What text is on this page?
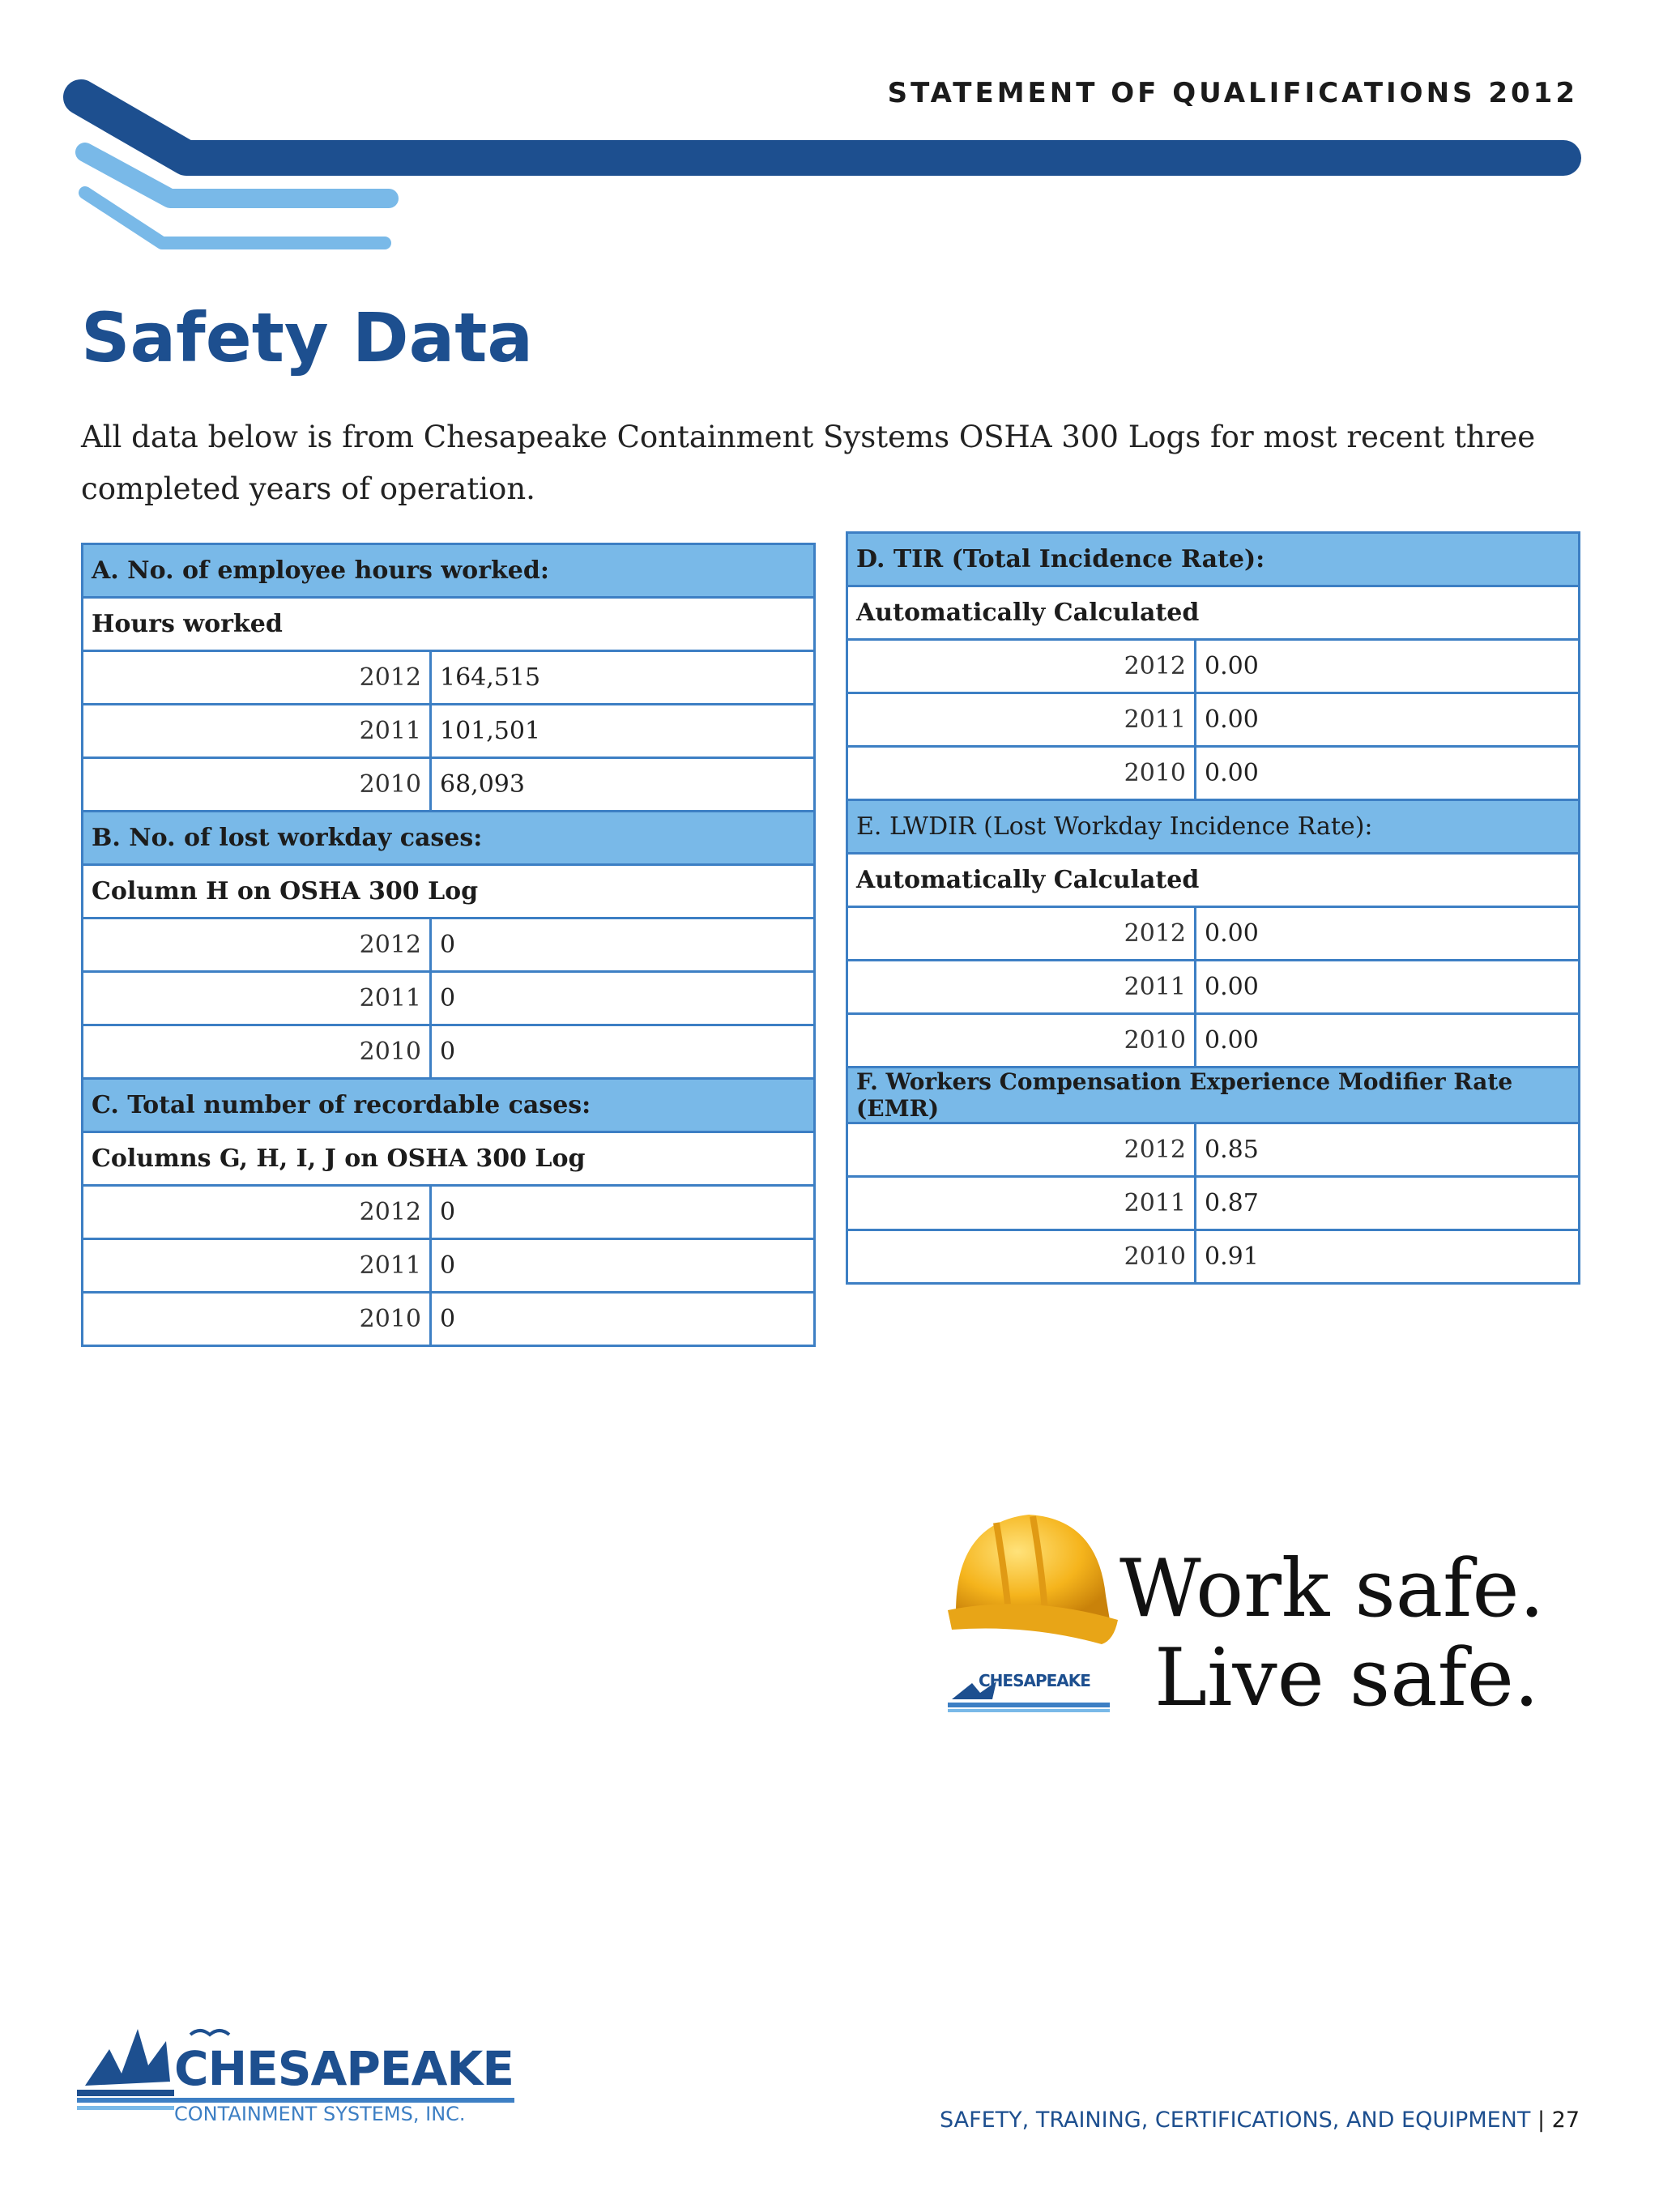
STATEMENT OF QUALIFICATIONS 2012
Safety Data

All data below is from Chesapeake Containment Systems OSHA 300 Logs for most recent three completed years of operation.

A. No. of employee hours worked:	
Hours worked	
2012	164,515
2011	101,501
2010	68,093
B. No. of lost workday cases:	
Column H on OSHA 300 Log	
2012	0
2011	0
2010	0
C. Total number of recordable cases:	
Columns G, H, I, J on OSHA 300 Log	
2012	0
2011	0
2010	0
D. TIR (Total Incidence Rate):	
Automatically Calculated	
2012	0.00
2011	0.00
2010	0.00
E. LWDIR (Lost Workday Incidence Rate):	
Automatically Calculated	
2012	0.00
2011	0.00
2010	0.00
F. Workers Compensation Experience Modifier Rate (EMR)	
2012	0.85
2011	0.87
2010	0.91
CHESAPEAKE
Work safe.
Live safe.
CHESAPEAKE
CONTAINMENT SYSTEMS, INC.	SAFETY, TRAINING, CERTIFICATIONS, AND EQUIPMENT | 27
